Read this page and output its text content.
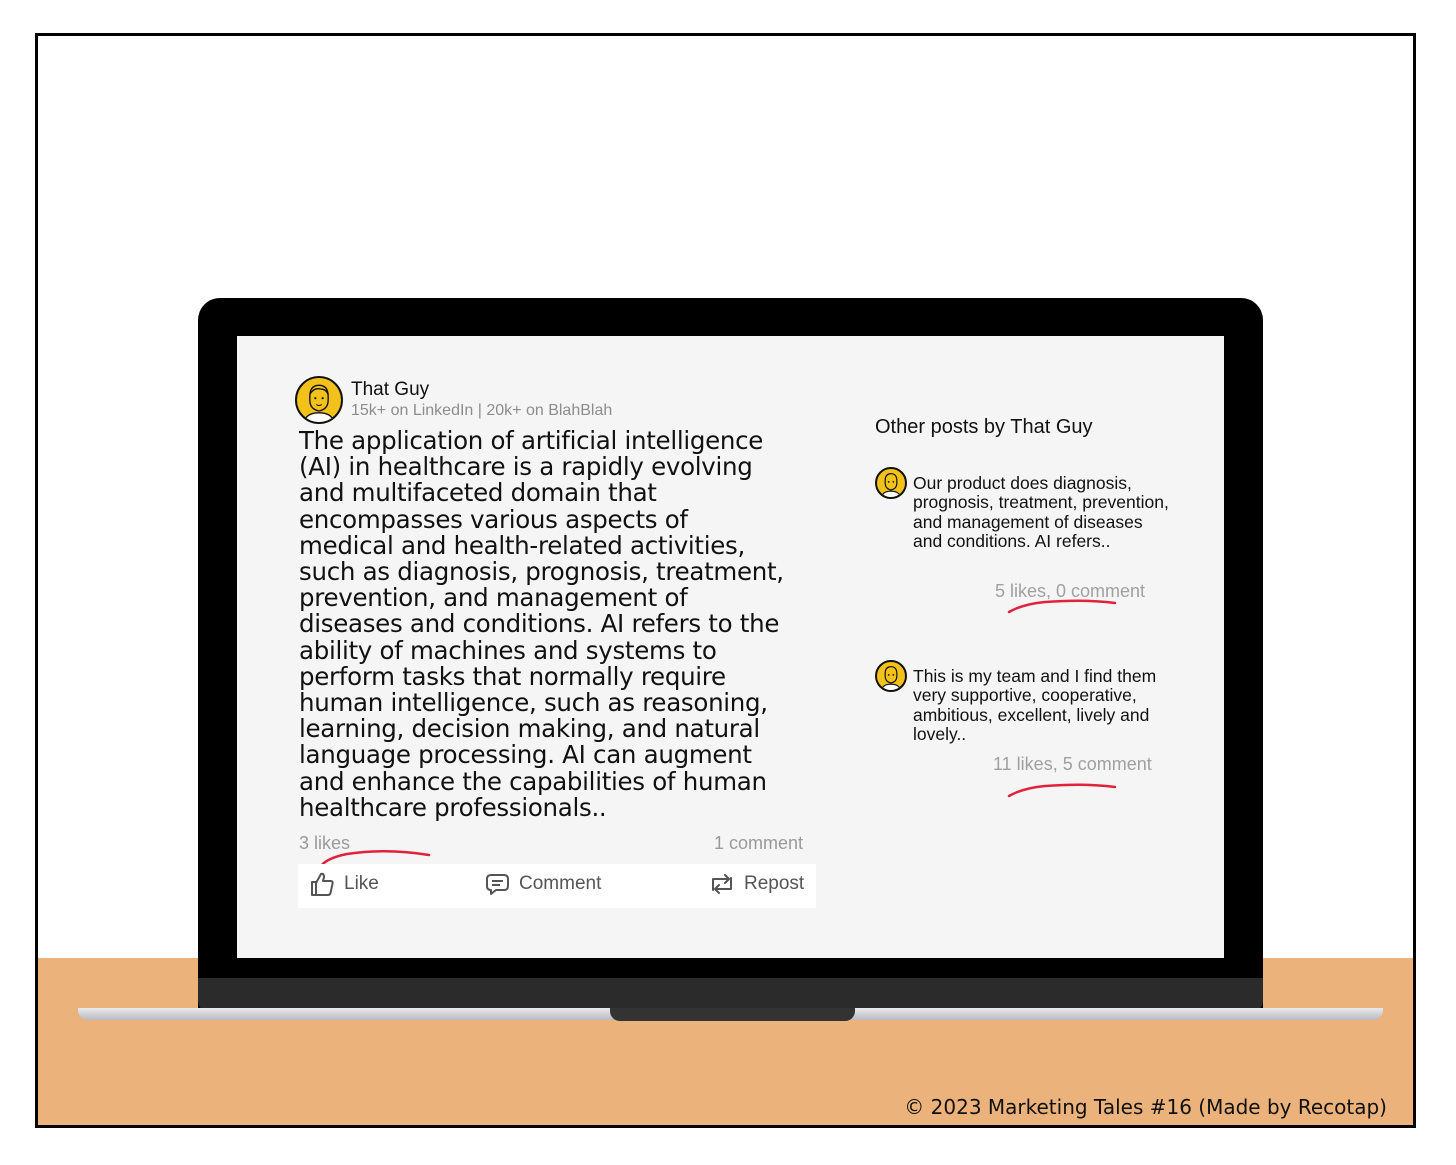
That Guy
15k+ on LinkedIn | 20k+ on BlahBlah
The application of artificial intelligence (AI) in healthcare is a rapidly evolving and multifaceted domain that encompasses various aspects of medical and health-related activities, such as diagnosis, prognosis, treatment, prevention, and management of diseases and conditions. AI refers to the ability of machines and systems to perform tasks that normally require human intelligence, such as reasoning, learning, decision making, and natural language processing. AI can augment and enhance the capabilities of human healthcare professionals..
3 likes	1 comment
Like	Comment	Repost
Other posts by That Guy
Our product does diagnosis, prognosis, treatment, prevention, and management of diseases and conditions. AI refers..
5 likes, 0 comment
This is my team and I find them very supportive, cooperative, ambitious, excellent, lively and lovely..
11 likes, 5 comment
© 2023 Marketing Tales #16 (Made by Recotap)
